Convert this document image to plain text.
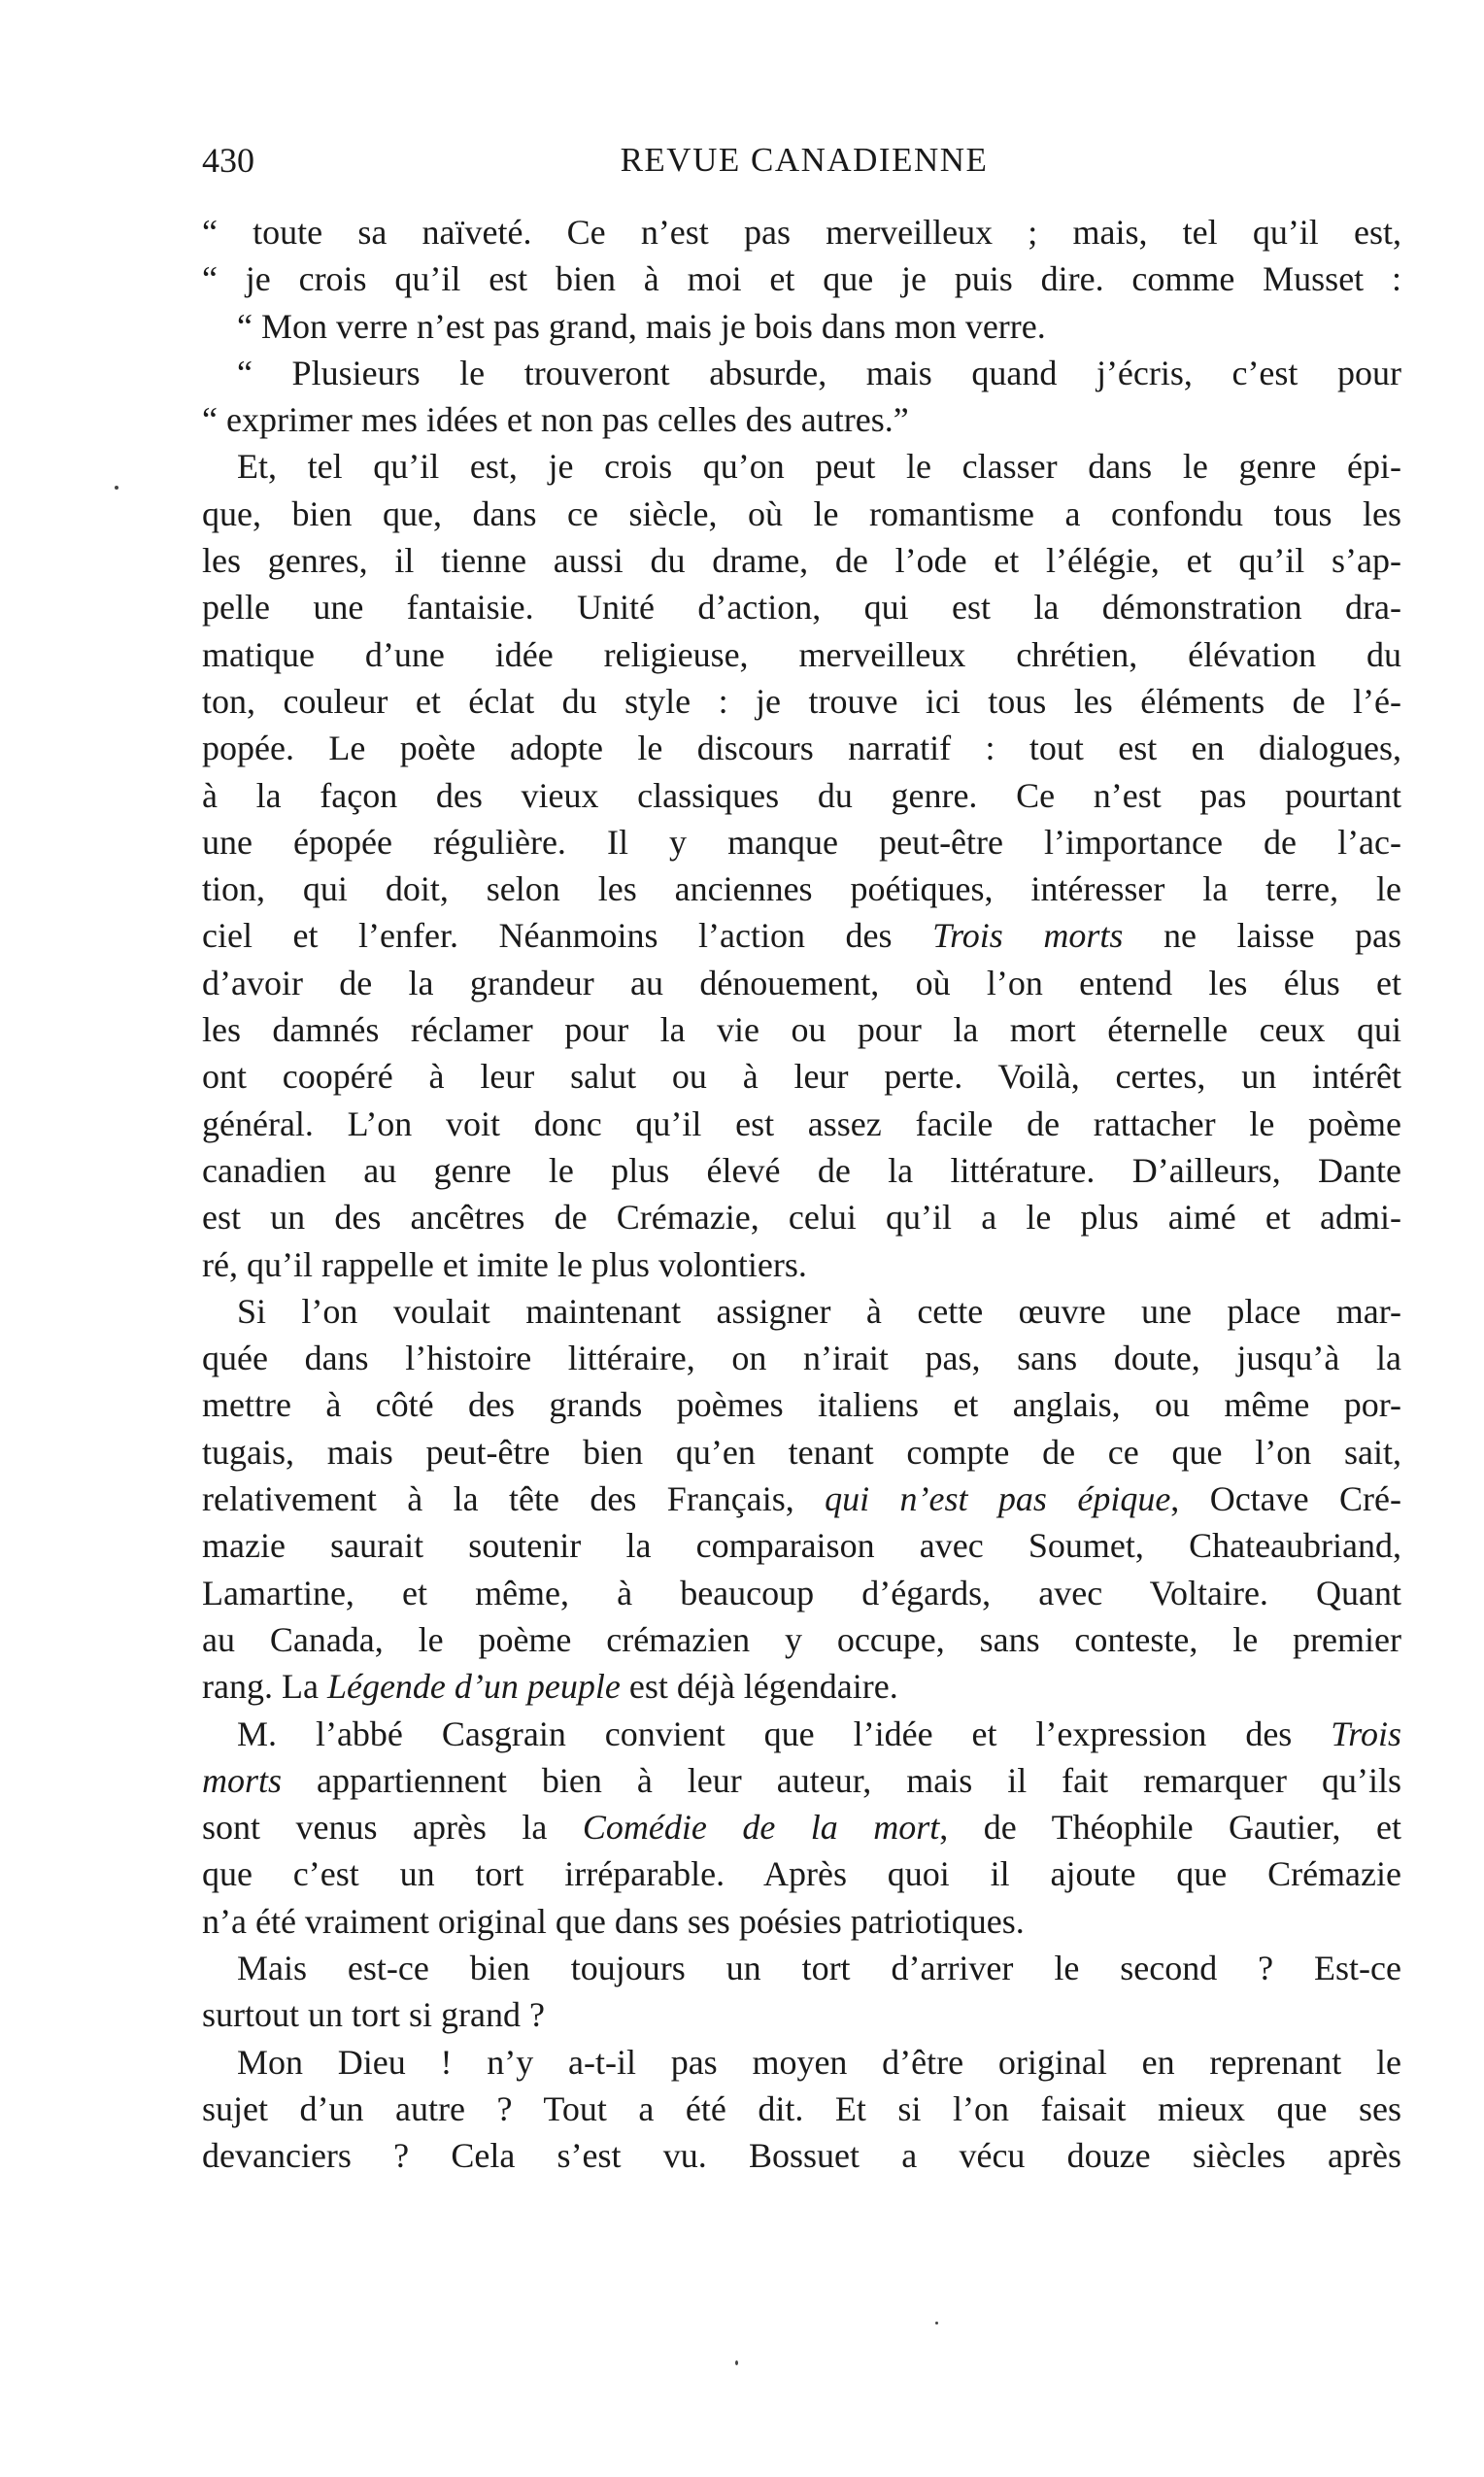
430	REVUE CANADIENNE
“ toute sa naïveté. Ce n’est pas merveilleux ; mais, tel qu’il est,
“ je crois qu’il est bien à moi et que je puis dire. comme Musset :
“ Mon verre n’est pas grand, mais je bois dans mon verre.
“ Plusieurs le trouveront absurde, mais quand j’écris, c’est pour
“ exprimer mes idées et non pas celles des autres.”
Et, tel qu’il est, je crois qu’on peut le classer dans le genre épi-
que, bien que, dans ce siècle, où le romantisme a confondu tous les
les genres, il tienne aussi du drame, de l’ode et l’élégie, et qu’il s’ap-
pelle une fantaisie. Unité d’action, qui est la démonstration dra-
matique d’une idée religieuse, merveilleux chrétien, élévation du
ton, couleur et éclat du style : je trouve ici tous les éléments de l’é-
popée. Le poète adopte le discours narratif : tout est en dialogues,
à la façon des vieux classiques du genre. Ce n’est pas pourtant
une épopée régulière. Il y manque peut-être l’importance de l’ac-
tion, qui doit, selon les anciennes poétiques, intéresser la terre, le
ciel et l’enfer. Néanmoins l’action des Trois morts ne laisse pas
d’avoir de la grandeur au dénouement, où l’on entend les élus et
les damnés réclamer pour la vie ou pour la mort éternelle ceux qui
ont coopéré à leur salut ou à leur perte. Voilà, certes, un intérêt
général. L’on voit donc qu’il est assez facile de rattacher le poème
canadien au genre le plus élevé de la littérature. D’ailleurs, Dante
est un des ancêtres de Crémazie, celui qu’il a le plus aimé et admi-
ré, qu’il rappelle et imite le plus volontiers.
Si l’on voulait maintenant assigner à cette œuvre une place mar-
quée dans l’histoire littéraire, on n’irait pas, sans doute, jusqu’à la
mettre à côté des grands poèmes italiens et anglais, ou même por-
tugais, mais peut-être bien qu’en tenant compte de ce que l’on sait,
relativement à la tête des Français, qui n’est pas épique, Octave Cré-
mazie saurait soutenir la comparaison avec Soumet, Chateaubriand,
Lamartine, et même, à beaucoup d’égards, avec Voltaire. Quant
au Canada, le poème crémazien y occupe, sans conteste, le premier
rang. La Légende d’un peuple est déjà légendaire.
M. l’abbé Casgrain convient que l’idée et l’expression des Trois
morts appartiennent bien à leur auteur, mais il fait remarquer qu’ils
sont venus après la Comédie de la mort, de Théophile Gautier, et
que c’est un tort irréparable. Après quoi il ajoute que Crémazie
n’a été vraiment original que dans ses poésies patriotiques.
Mais est-ce bien toujours un tort d’arriver le second ? Est-ce
surtout un tort si grand ?
Mon Dieu ! n’y a-t-il pas moyen d’être original en reprenant le
sujet d’un autre ? Tout a été dit. Et si l’on faisait mieux que ses
devanciers ? Cela s’est vu. Bossuet a vécu douze siècles après
